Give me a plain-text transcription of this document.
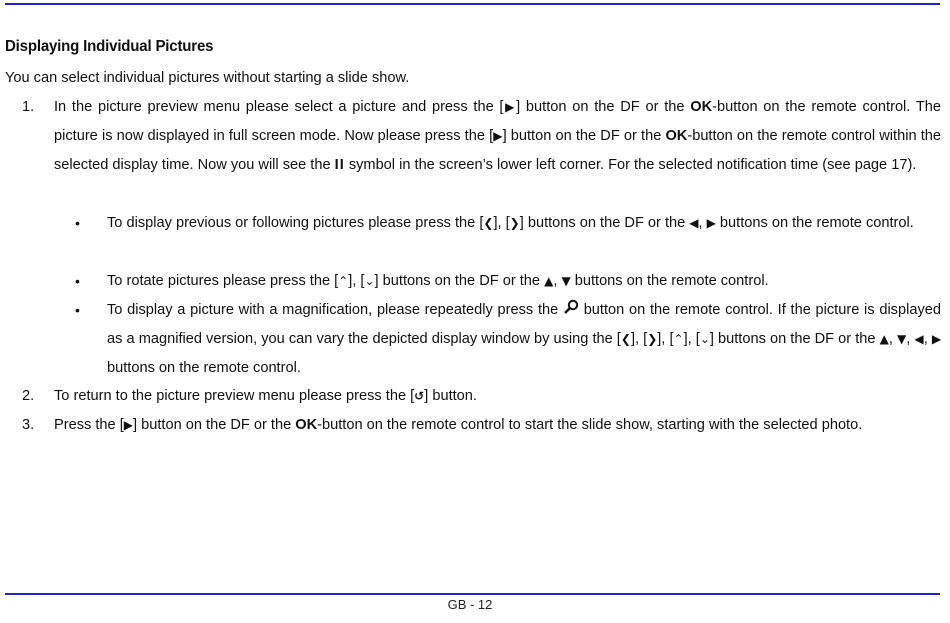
Displaying Individual Pictures

You can select individual pictures without starting a slide show.

1. In the picture preview menu please select a picture and press the [▶] button on the DF or the OK-button on the remote control. The picture is now displayed in full screen mode. Now please press the [▶] button on the DF or the OK-button on the remote control within the selected display time. Now you will see the II symbol in the screen’s lower left corner. For the selected notification time (see page 17).

• To display previous or following pictures please press the [❮], [❯] buttons on the DF or the ◀, ▶ buttons on the remote control.

• To rotate pictures please press the [⌃], [⌄] buttons on the DF or the ▲, ▼ buttons on the remote control.

• To display a picture with a magnification, please repeatedly press the  button on the remote control. If the picture is displayed as a magnified version, you can vary the depicted display window by using the [❮], [❯], [⌃], [⌄] buttons on the DF or the ▲, ▼, ◀, ▶ buttons on the remote control.

2. To return to the picture preview menu please press the [↺] button.

3. Press the [▶] button on the DF or the OK-button on the remote control to start the slide show, starting with the selected photo.

GB - 12
